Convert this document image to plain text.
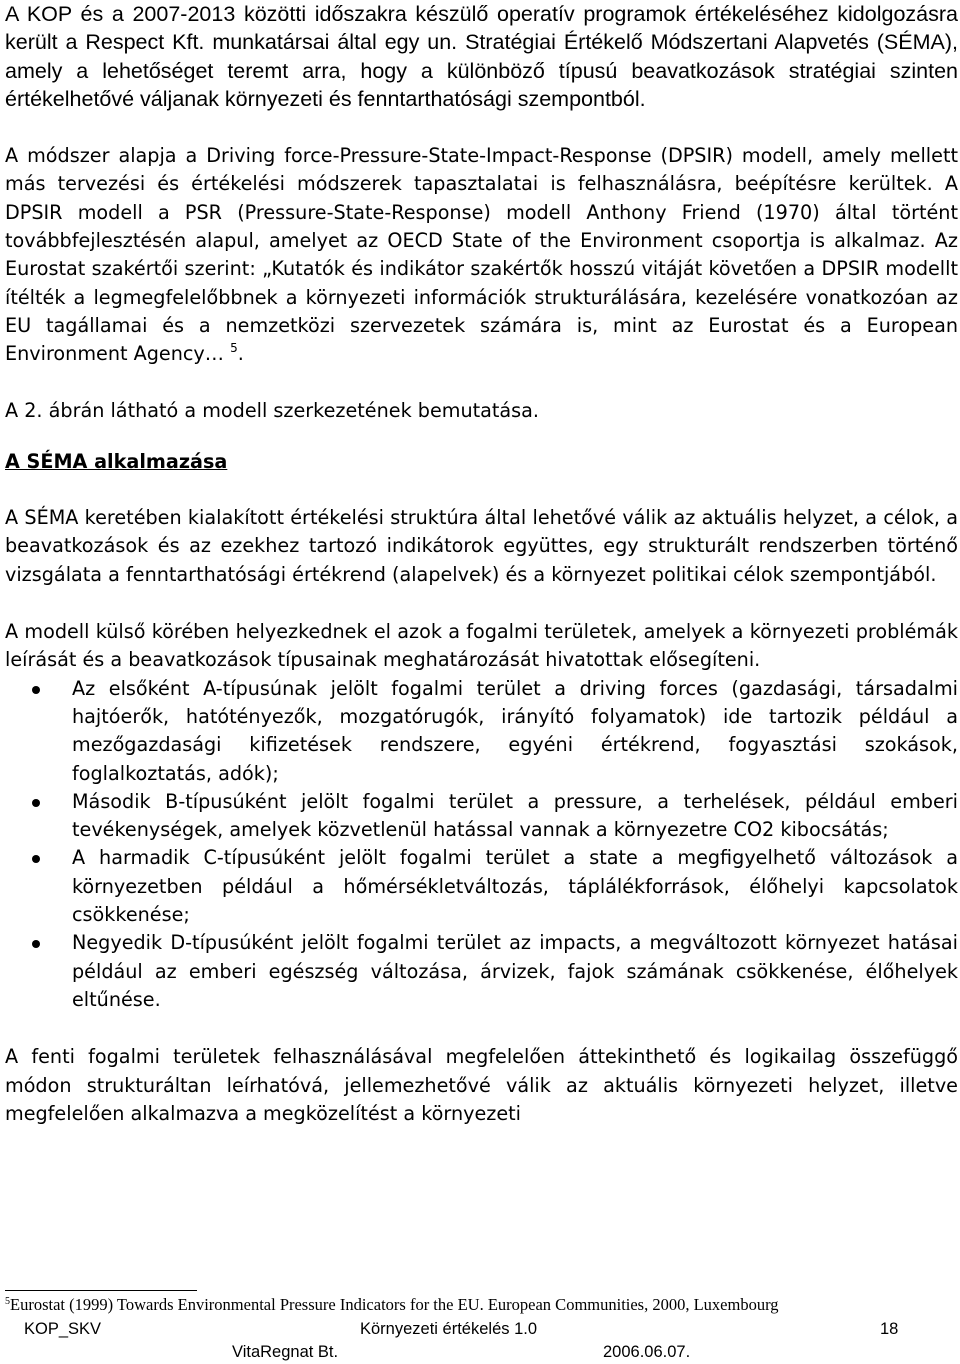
A KOP és a 2007-2013 közötti időszakra készülő operatív programok értékeléséhez kidolgozásra került a Respect Kft. munkatársai által egy un. Stratégiai Értékelő Módszertani Alapvetés (SÉMA), amely a lehetőséget teremt arra, hogy a különböző típusú beavatkozások stratégiai szinten értékelhetővé váljanak környezeti és fenntarthatósági szempontból.

A módszer alapja a Driving force-Pressure-State-Impact-Response (DPSIR) modell, amely mellett más tervezési és értékelési módszerek tapasztalatai is felhasználásra, beépítésre kerültek. A DPSIR modell a PSR (Pressure-State-Response) modell Anthony Friend (1970) által történt továbbfejlesztésén alapul, amelyet az OECD State of the Environment csoportja is alkalmaz. Az Eurostat szakértői szerint: „Kutatók és indikátor szakértők hosszú vitáját követően a DPSIR modellt ítélték a legmegfelelőbbnek a környezeti információk strukturálására, kezelésére vonatkozóan az EU tagállamai és a nemzetközi szervezetek számára is, mint az Eurostat és a European Environment Agency… $^5$.

A 2. ábrán látható a modell szerkezetének bemutatása.

A SÉMA alkalmazása

A SÉMA keretében kialakított értékelési struktúra által lehetővé válik az aktuális helyzet, a célok, a beavatkozások és az ezekhez tartozó indikátorok együttes, egy strukturált rendszerben történő vizsgálata a fenntarthatósági értékrend (alapelvek) és a környezet politikai célok szempontjából.

A modell külső körében helyezkednek el azok a fogalmi területek, amelyek a környezeti problémák leírását és a beavatkozások típusainak meghatározását hivatottak elősegíteni.

Az elsőként A-típusúnak jelölt fogalmi terület a driving forces (gazdasági, társadalmi hajtóerők, hatótényezők, mozgatórugók, irányító folyamatok) ide tartozik például a mezőgazdasági kifizetések rendszere, egyéni értékrend, fogyasztási szokások, foglalkoztatás, adók);
Második B-típusúként jelölt fogalmi terület a pressure, a terhelések, például emberi tevékenységek, amelyek közvetlenül hatással vannak a környezetre CO2 kibocsátás;
A harmadik C-típusúként jelölt fogalmi terület a state a megfigyelhető változások a környezetben például a hőmérsékletváltozás, táplálékforrások, élőhelyi kapcsolatok csökkenése;
Negyedik D-típusúként jelölt fogalmi terület az impacts, a megváltozott környezet hatásai például az emberi egészség változása, árvizek, fajok számának csökkenése, élőhelyek eltűnése.

A fenti fogalmi területek felhasználásával megfelelően áttekinthető és logikailag összefüggő módon strukturáltan leírhatóvá, jellemezhetővé válik az aktuális környezeti helyzet, illetve megfelelően alkalmazva a megközelítést a környezeti

$^5$Eurostat (1999) Towards Environmental Pressure Indicators for the EU. European Communities, 2000, Luxembourg
KOP_SKV	Környezeti értékelés 1.0	18
VitaRegnat Bt.	2006.06.07.
